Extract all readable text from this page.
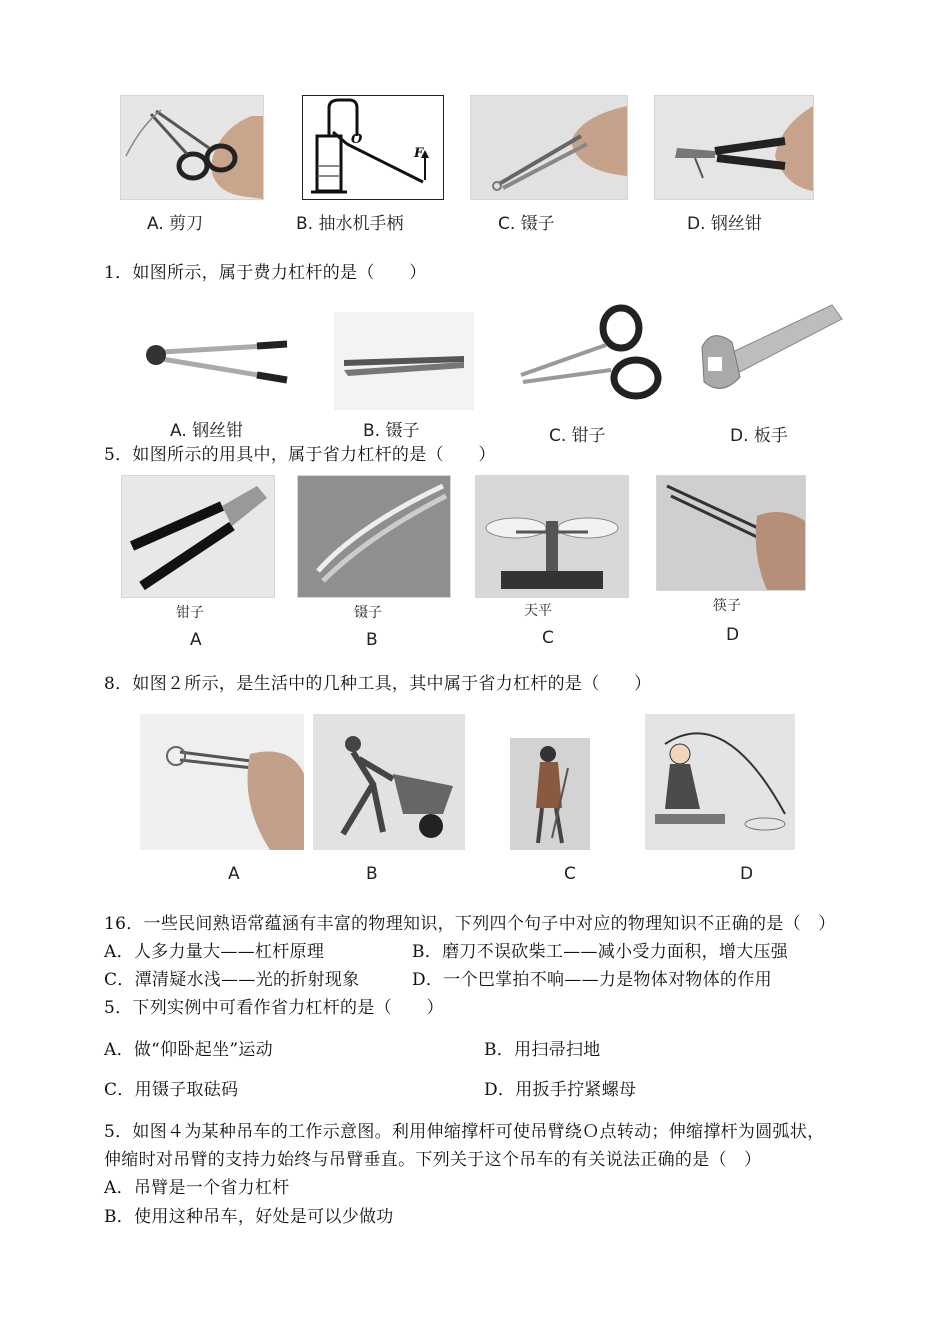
O
F
A. 剪刀	B. 抽水机手柄	C. 镊子	D. 钢丝钳
1．如图所示，属于费力杠杆的是（　　）
A. 钢丝钳	B. 镊子	C. 钳子	D. 板手
5．如图所示的用具中，属于省力杠杆的是（　　）
钳子	镊子	天平	筷子
A	B	C	D
8．如图２所示，是生活中的几种工具，其中属于省力杠杆的是（　　）
A	B	C	D
16．一些民间熟语常蕴涵有丰富的物理知识，下列四个句子中对应的物理知识不正确的是（　）
A．人多力量大——杠杆原理	B．磨刀不误砍柴工——减小受力面积，增大压强
C．潭清疑水浅——光的折射现象	D．一个巴掌拍不响——力是物体对物体的作用
5．下列实例中可看作省力杠杆的是（　　）
A．做“仰卧起坐”运动	B．用扫帚扫地
C．用镊子取砝码	D．用扳手拧紧螺母
5．如图４为某种吊车的工作示意图。利用伸缩撑杆可使吊臂绕Ｏ点转动；伸缩撑杆为圆弧状，
伸缩时对吊臂的支持力始终与吊臂垂直。下列关于这个吊车的有关说法正确的是（　）
A．吊臂是一个省力杠杆
B．使用这种吊车，好处是可以少做功
